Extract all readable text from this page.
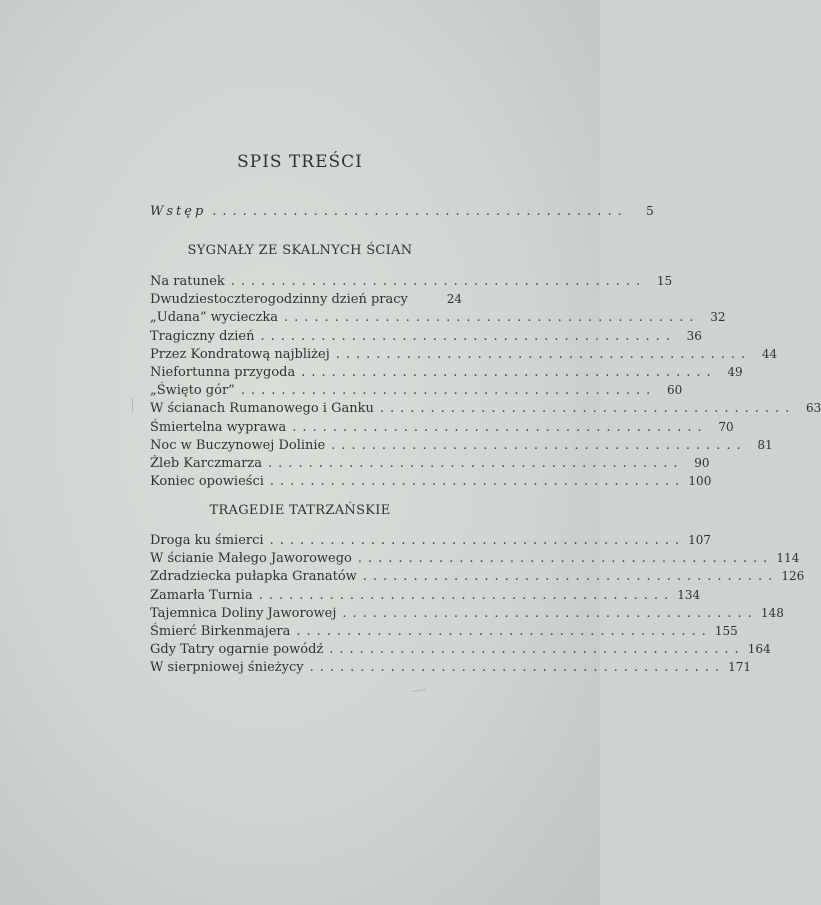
SPIS TREŚCI
Wstęp .........................................	5
SYGNAŁY ZE SKALNYCH ŚCIAN
Na ratunek ......................................... 15
Dwudziestoczterogodzinny dzień pracy	24
„Udana” wycieczka ......................................... 32
Tragiczny dzień ......................................... 36
Przez Kondratową najbliżej ......................................... 44
Niefortunna przygoda ......................................... 49
„Święto gór” ......................................... 60
W ścianach Rumanowego i Ganku ......................................... 63
Śmiertelna wyprawa ......................................... 70
Noc w Buczynowej Dolinie ......................................... 81
Żleb Karczmarza ......................................... 90
Koniec opowieści ......................................... 100
TRAGEDIE TATRZAŃSKIE
Droga ku śmierci ......................................... 107
W ścianie Małego Jaworowego ......................................... 114
Zdradziecka pułapka Granatów ......................................... 126
Zamarła Turnia ......................................... 134
Tajemnica Doliny Jaworowej ......................................... 148
Śmierć Birkenmajera ......................................... 155
Gdy Tatry ogarnie powódź ......................................... 164
W sierpniowej śnieżycy ......................................... 171
